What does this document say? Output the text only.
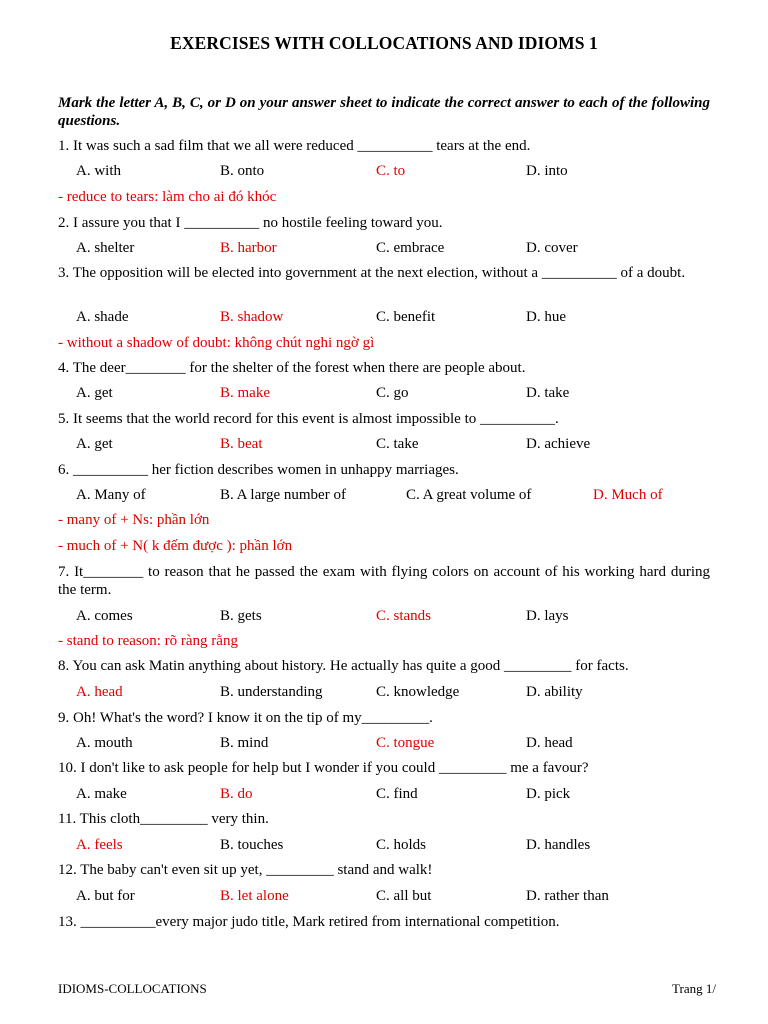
EXERCISES WITH COLLOCATIONS AND IDIOMS 1
Mark the letter A, B, C, or D on your answer sheet to indicate the correct answer to each of the following questions.
1. It was such a sad film that we all were reduced __________ tears at the end.
A. with	B. onto	C. to	D. into
- reduce to tears: làm cho ai đó khóc
2. I assure you that I __________ no hostile feeling toward you.
A. shelter	B. harbor	C. embrace	D. cover
3. The opposition will be elected into government at the next election, without a __________ of a doubt.
A. shade	B. shadow	C. benefit	D. hue
- without a shadow of doubt: không chút nghi ngờ gì
4. The deer________ for the shelter of the forest when there are people about.
A. get	B. make	C. go	D. take
5. It seems that the world record for this event is almost impossible to __________.
A. get	B. beat	C. take	D. achieve
6. __________ her fiction describes women in unhappy marriages.
A. Many of	B. A large number of	C. A great volume of	D. Much of
- many of + Ns: phần lớn
- much of + N( k đếm được ): phần lớn
7. It________ to reason that he passed the exam with flying colors on account of his working hard during the term.
A. comes	B. gets	C. stands	D. lays
- stand to reason: rõ ràng rằng
8. You can ask Matin anything about history. He actually has quite a good _________ for facts.
A. head	B. understanding	C. knowledge	D. ability
9. Oh! What's the word? I know it on the tip of my_________.
A. mouth	B. mind	C. tongue	D. head
10. I don't like to ask people for help but I wonder if you could _________ me a favour?
A. make	B. do	C. find	D. pick
11. This cloth_________ very thin.
A. feels	B. touches	C. holds	D. handles
12. The baby can't even sit up yet, _________ stand and walk!
A. but for	B. let alone	C. all but	D. rather than
13. __________every major judo title, Mark retired from international competition.
IDIOMS-COLLOCATIONS	Trang 1/
